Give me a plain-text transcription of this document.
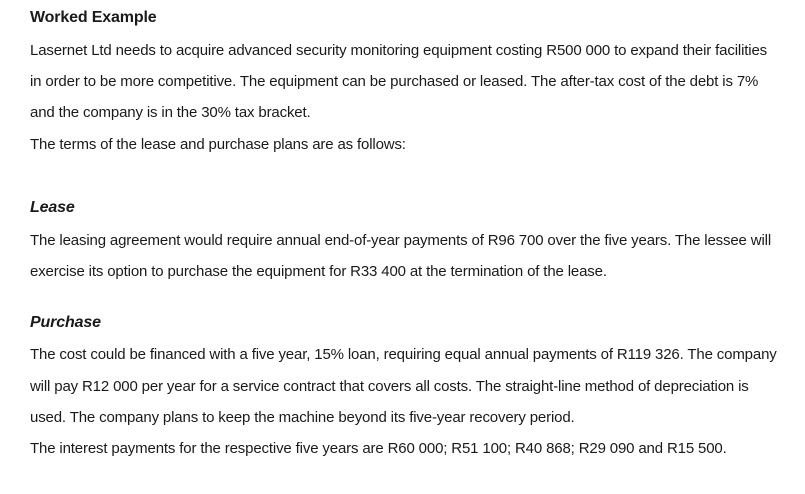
Worked Example
Lasernet Ltd needs to acquire advanced security monitoring equipment costing R500 000 to expand their facilities
in order to be more competitive. The equipment can be purchased or leased. The after-tax cost of the debt is 7%
and the company is in the 30% tax bracket.
The terms of the lease and purchase plans are as follows:
Lease
The leasing agreement would require annual end-of-year payments of R96 700 over the five years. The lessee will
exercise its option to purchase the equipment for R33 400 at the termination of the lease.
Purchase
The cost could be financed with a five year, 15% loan, requiring equal annual payments of R119 326. The company
will pay R12 000 per year for a service contract that covers all costs. The straight-line method of depreciation is
used. The company plans to keep the machine beyond its five-year recovery period.
The interest payments for the respective five years are R60 000; R51 100; R40 868; R29 090 and R15 500.
